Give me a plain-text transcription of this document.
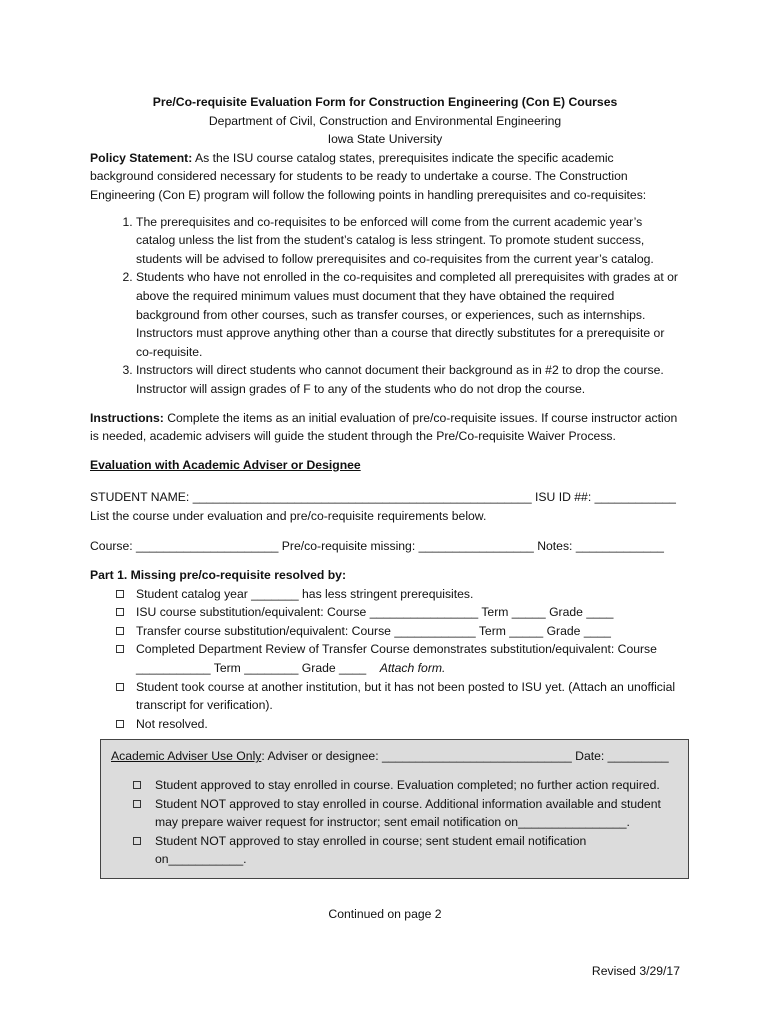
Pre/Co-requisite Evaluation Form for Construction Engineering (Con E) Courses
Department of Civil, Construction and Environmental Engineering
Iowa State University
Policy Statement: As the ISU course catalog states, prerequisites indicate the specific academic background considered necessary for students to be ready to undertake a course. The Construction Engineering (Con E) program will follow the following points in handling prerequisites and co-requisites:
1. The prerequisites and co-requisites to be enforced will come from the current academic year’s catalog unless the list from the student’s catalog is less stringent. To promote student success, students will be advised to follow prerequisites and co-requisites from the current year’s catalog.
2. Students who have not enrolled in the co-requisites and completed all prerequisites with grades at or above the required minimum values must document that they have obtained the required background from other courses, such as transfer courses, or experiences, such as internships. Instructors must approve anything other than a course that directly substitutes for a prerequisite or co-requisite.
3. Instructors will direct students who cannot document their background as in #2 to drop the course. Instructor will assign grades of F to any of the students who do not drop the course.
Instructions: Complete the items as an initial evaluation of pre/co-requisite issues. If course instructor action is needed, academic advisers will guide the student through the Pre/Co-requisite Waiver Process.
Evaluation with Academic Adviser or Designee
STUDENT NAME: __________________________________________________ ISU ID ##: ____________
List the course under evaluation and pre/co-requisite requirements below.
Course: _____________________ Pre/co-requisite missing: _________________ Notes: _____________
Part 1. Missing pre/co-requisite resolved by:
Student catalog year _______ has less stringent prerequisites.
ISU course substitution/equivalent: Course ________________ Term _____ Grade ____
Transfer course substitution/equivalent: Course ____________ Term _____ Grade ____
Completed Department Review of Transfer Course demonstrates substitution/equivalent: Course ___________ Term ________ Grade ____ Attach form.
Student took course at another institution, but it has not been posted to ISU yet. (Attach an unofficial transcript for verification).
Not resolved.
Academic Adviser Use Only: Adviser or designee: ____________________________ Date: _________
Student approved to stay enrolled in course. Evaluation completed; no further action required.
Student NOT approved to stay enrolled in course. Additional information available and student may prepare waiver request for instructor; sent email notification on________________.
Student NOT approved to stay enrolled in course; sent student email notification on___________.
Continued on page 2
Revised 3/29/17
